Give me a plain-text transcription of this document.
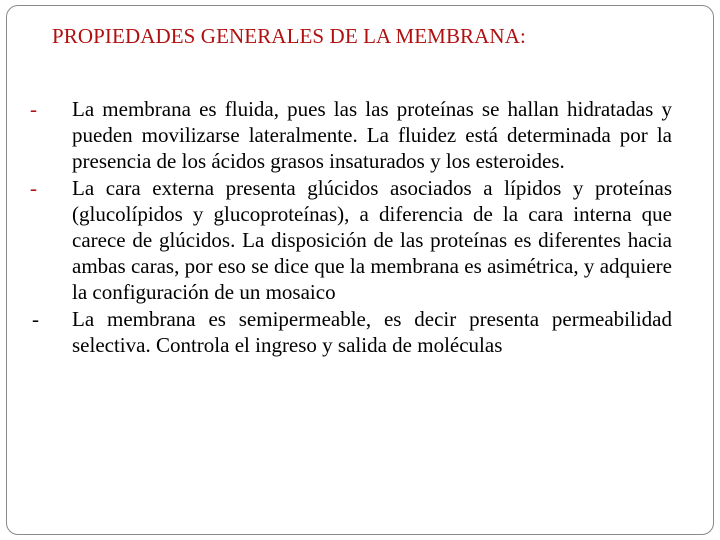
PROPIEDADES GENERALES DE LA MEMBRANA:
-	La membrana es fluida, pues las las proteínas se hallan hidratadas y pueden movilizarse lateralmente. La fluidez está determinada por la presencia de los ácidos grasos insaturados y los esteroides.
-	La cara externa presenta glúcidos asociados a lípidos y proteínas (glucolípidos y glucoproteínas), a diferencia de la cara interna que carece de glúcidos. La disposición de las proteínas es diferentes hacia ambas caras, por eso se dice que la membrana es asimétrica, y adquiere la configuración de un mosaico
-	La membrana es semipermeable, es decir presenta permeabilidad selectiva. Controla el ingreso y salida de moléculas
